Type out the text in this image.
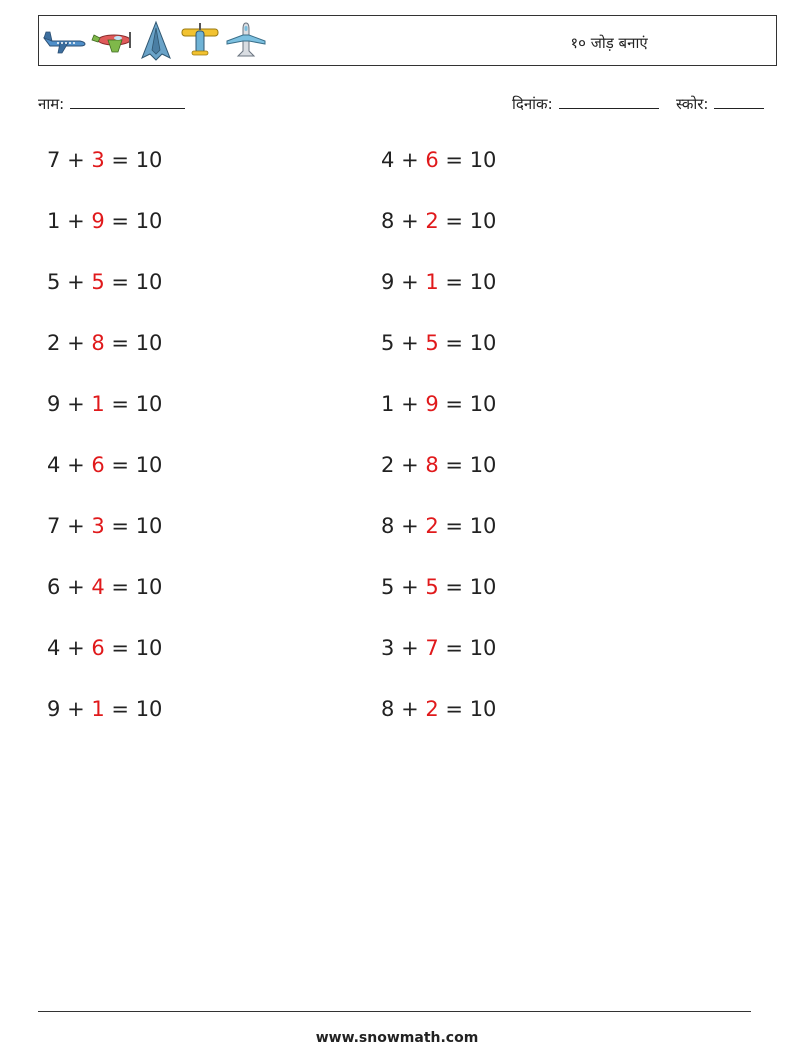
१० जोड़ बनाएं
नाम:	दिनांक:	स्कोर:
7 + 3 = 10
1 + 9 = 10
5 + 5 = 10
2 + 8 = 10
9 + 1 = 10
4 + 6 = 10
7 + 3 = 10
6 + 4 = 10
4 + 6 = 10
9 + 1 = 10
4 + 6 = 10
8 + 2 = 10
9 + 1 = 10
5 + 5 = 10
1 + 9 = 10
2 + 8 = 10
8 + 2 = 10
5 + 5 = 10
3 + 7 = 10
8 + 2 = 10
www.snowmath.com
